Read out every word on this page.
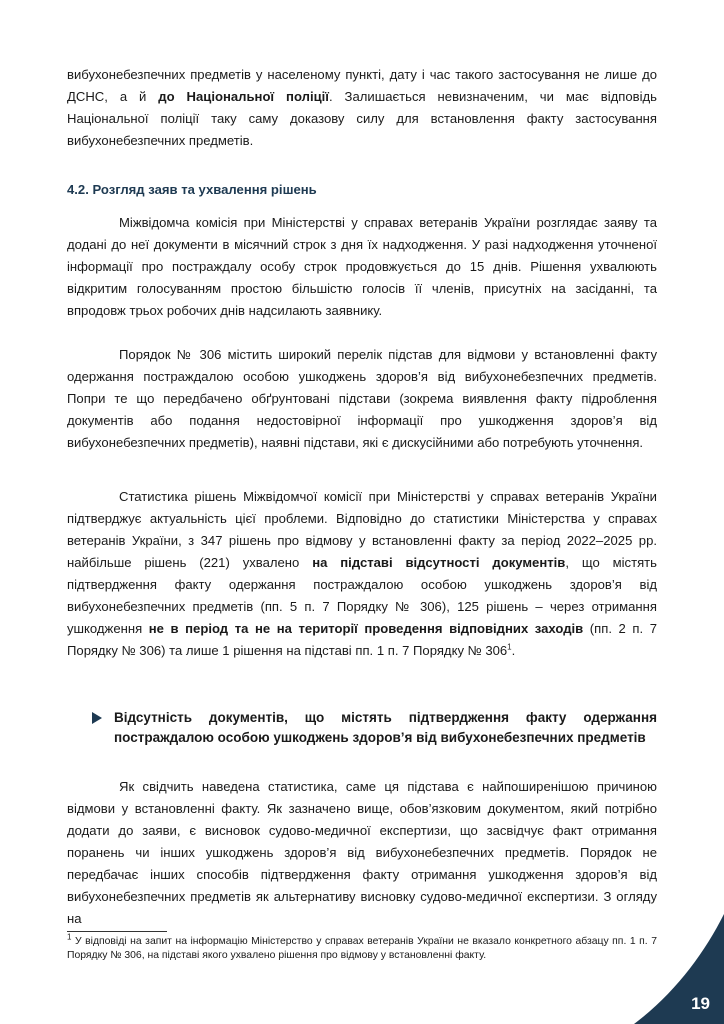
вибухонебезпечних предметів у населеному пункті, дату і час такого застосування не лише до ДСНС, а й до Національної поліції. Залишається невизначеним, чи має відповідь Національної поліції таку саму доказову силу для встановлення факту застосування вибухонебезпечних предметів.

4.2. Розгляд заяв та ухвалення рішень

Міжвідомча комісія при Міністерстві у справах ветеранів України розглядає заяву та додані до неї документи в місячний строк з дня їх надходження. У разі надходження уточненої інформації про постраждалу особу строк продовжується до 15 днів. Рішення ухвалюють відкритим голосуванням простою більшістю голосів її членів, присутніх на засіданні, та впродовж трьох робочих днів надсилають заявнику.

Порядок № 306 містить широкий перелік підстав для відмови у встановленні факту одержання постраждалою особою ушкоджень здоров’я від вибухонебезпечних предметів. Попри те що передбачено обґрунтовані підстави (зокрема виявлення факту підроблення документів або подання недостовірної інформації про ушкодження здоров’я від вибухонебезпечних предметів), наявні підстави, які є дискусійними або потребують уточнення.

Статистика рішень Міжвідомчої комісії при Міністерстві у справах ветеранів України підтверджує актуальність цієї проблеми. Відповідно до статистики Міністерства у справах ветеранів України, з 347 рішень про відмову у встановленні факту за період 2022–2025 рр. найбільше рішень (221) ухвалено на підставі відсутності документів, що містять підтвердження факту одержання постраждалою особою ушкоджень здоров’я від вибухонебезпечних предметів (пп. 5 п. 7 Порядку № 306), 125 рішень – через отримання ушкодження не в період та не на території проведення відповідних заходів (пп. 2 п. 7 Порядку № 306) та лише 1 рішення на підставі пп. 1 п. 7 Порядку № $306^1$.

Відсутність документів, що містять підтвердження факту одержання постраждалою особою ушкоджень здоров’я від вибухонебезпечних предметів

Як свідчить наведена статистика, саме ця підстава є найпоширенішою причиною відмови у встановленні факту. Як зазначено вище, обов’язковим документом, який потрібно додати до заяви, є висновок судово-медичної експертизи, що засвідчує факт отримання поранень чи інших ушкоджень здоров’я від вибухонебезпечних предметів. Порядок не передбачає інших способів підтвердження факту отримання ушкодження здоров’я від вибухонебезпечних предметів як альтернативу висновку судово-медичної експертизи. З огляду на

$^1$ У відповіді на запит на інформацію Міністерство у справах ветеранів України не вказало конкретного абзацу пп. 1 п. 7 Порядку № 306, на підставі якого ухвалено рішення про відмову у встановленні факту.

19
